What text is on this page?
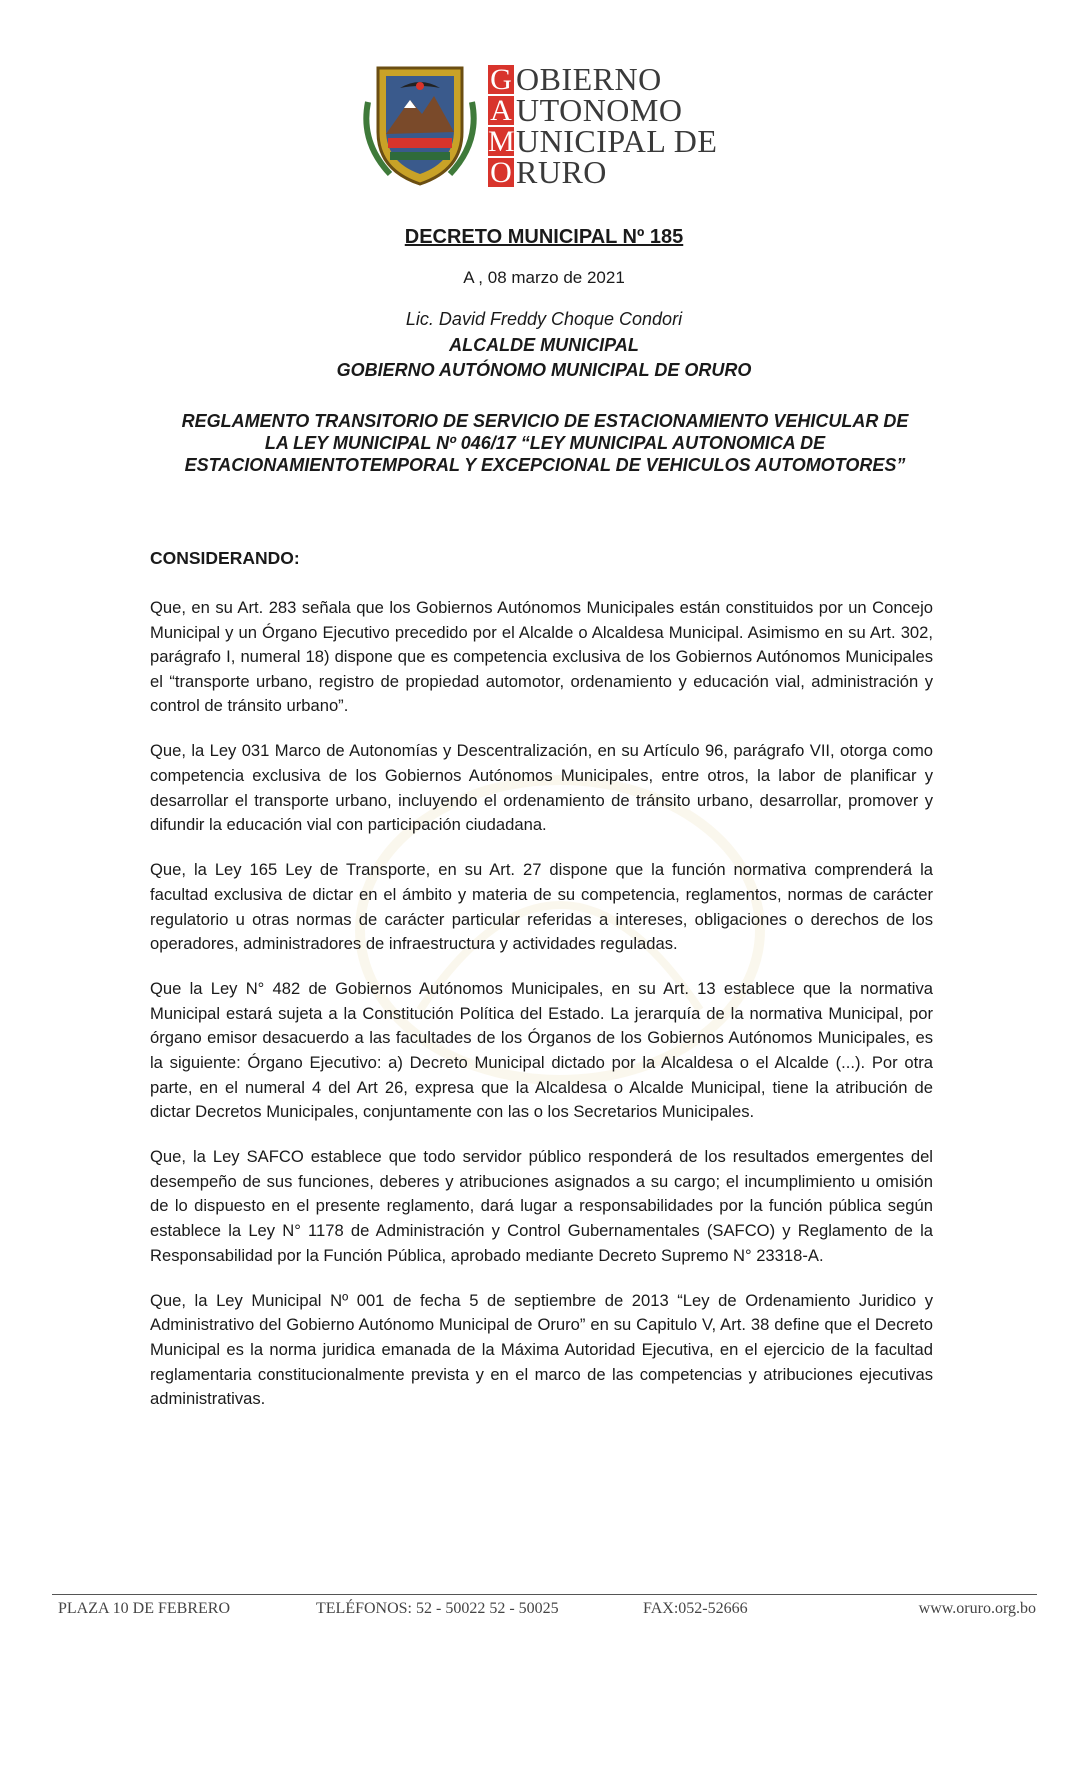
G OBIERNO
A UTONOMO
M UNICIPAL DE
O RURO
DECRETO MUNICIPAL Nº 185
A , 08 marzo de 2021
Lic. David Freddy Choque Condori
ALCALDE MUNICIPAL
GOBIERNO AUTÓNOMO MUNICIPAL DE ORURO
REGLAMENTO TRANSITORIO DE SERVICIO DE ESTACIONAMIENTO VEHICULAR DE
LA LEY MUNICIPAL Nº 046/17 “LEY MUNICIPAL AUTONOMICA DE
ESTACIONAMIENTOTEMPORAL Y EXCEPCIONAL DE VEHICULOS AUTOMOTORES”
CONSIDERANDO:

Que, en su Art. 283 señala que los Gobiernos Autónomos Municipales están constituidos por un Concejo Municipal y un Órgano Ejecutivo precedido por el Alcalde o Alcaldesa Municipal. Asimismo en su Art. 302, parágrafo I, numeral 18) dispone que es competencia exclusiva de los Gobiernos Autónomos Municipales el “transporte urbano, registro de propiedad automotor, ordenamiento y educación vial, administración y control de tránsito urbano”.

Que, la Ley 031 Marco de Autonomías y Descentralización, en su Artículo 96, parágrafo VII, otorga como competencia exclusiva de los Gobiernos Autónomos Municipales, entre otros, la labor de planificar y desarrollar el transporte urbano, incluyendo el ordenamiento de tránsito urbano, desarrollar, promover y difundir la educación vial con participación ciudadana.

Que, la Ley 165 Ley de Transporte, en su Art. 27 dispone que la función normativa comprenderá la facultad exclusiva de dictar en el ámbito y materia de su competencia, reglamentos, normas de carácter regulatorio u otras normas de carácter particular referidas a intereses, obligaciones o derechos de los operadores, administradores de infraestructura y actividades reguladas.

Que la Ley N° 482 de Gobiernos Autónomos Municipales, en su Art. 13 establece que la normativa Municipal estará sujeta a la Constitución Política del Estado. La jerarquía de la normativa Municipal, por órgano emisor desacuerdo a las facultades de los Órganos de los Gobiernos Autónomos Municipales, es la siguiente: Órgano Ejecutivo: a) Decreto Municipal dictado por la Alcaldesa o el Alcalde (...). Por otra parte, en el numeral 4 del Art 26, expresa que la Alcaldesa o Alcalde Municipal, tiene la atribución de dictar Decretos Municipales, conjuntamente con las o los Secretarios Municipales.

Que, la Ley SAFCO establece que todo servidor público responderá de los resultados emergentes del desempeño de sus funciones, deberes y atribuciones asignados a su cargo; el incumplimiento u omisión de lo dispuesto en el presente reglamento, dará lugar a responsabilidades por la función pública según establece la Ley N° 1178 de Administración y Control Gubernamentales (SAFCO) y Reglamento de la Responsabilidad por la Función Pública, aprobado mediante Decreto Supremo N° 23318-A.

Que, la Ley Municipal Nº 001 de fecha 5 de septiembre de 2013 “Ley de Ordenamiento Juridico y Administrativo del Gobierno Autónomo Municipal de Oruro” en su Capitulo V, Art. 38 define que el Decreto Municipal es la norma juridica emanada de la Máxima Autoridad Ejecutiva, en el ejercicio de la facultad reglamentaria constitucionalmente prevista y en el marco de las competencias y atribuciones ejecutivas administrativas.

PLAZA 10 DE FEBRERO	TELÉFONOS: 52 - 50022 52 - 50025	FAX:052-52666	www.oruro.org.bo
